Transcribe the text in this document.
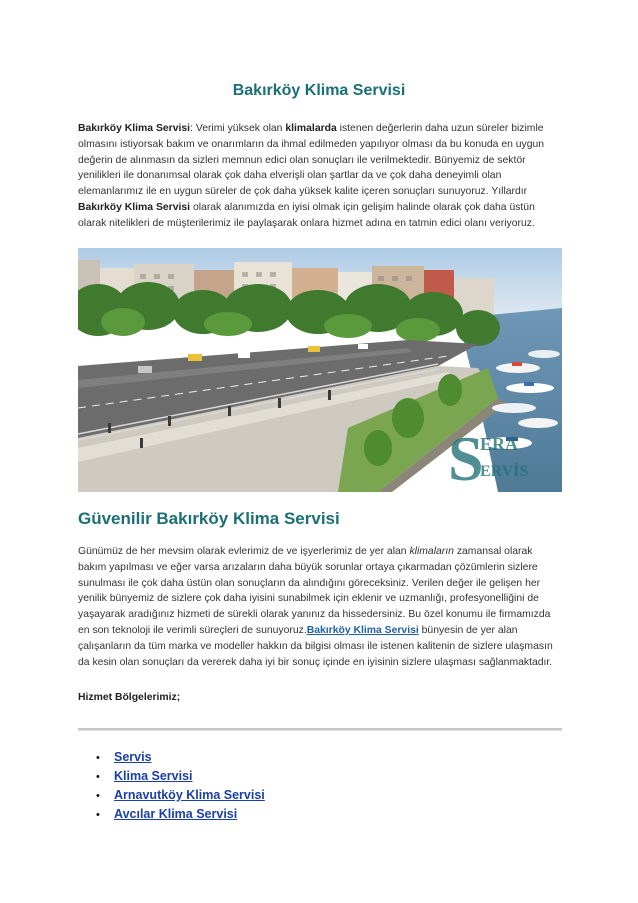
Bakırköy Klima Servisi

Bakırköy Klima Servisi: Verimi yüksek olan klimalarda istenen değerlerin daha uzun süreler bizimle olmasını istiyorsak bakım ve onarımların da ihmal edilmeden yapılıyor olması da bu konuda en uygun değerin de alınmasın da sizleri memnun edici olan sonuçları ile verilmektedir. Bünyemiz de sektör yenilikleri ile donanımsal olarak çok daha elverişli olan şartlar da ve çok daha deneyimli olan elemanlarımız ile en uygun süreler de çok daha yüksek kalite içeren sonuçları sunuyoruz. Yıllardır Bakırköy Klima Servisi olarak alanımızda en iyisi olmak için gelişim halinde olarak çok daha üstün olarak nitelikleri de müşterilerimiz ile paylaşarak onlara hizmet adına en tatmin edici olanı veriyoruz.

S
ERA
ERVİS
Güvenilir Bakırköy Klima Servisi

Günümüz de her mevsim olarak evlerimiz de ve işyerlerimiz de yer alan klimaların zamansal olarak bakım yapılması ve eğer varsa arızaların daha büyük sorunlar ortaya çıkarmadan çözümlerin sizlere sunulması ile çok daha üstün olan sonuçların da alındığını göreceksiniz. Verilen değer ile gelişen her yenilik bünyemiz de sizlere çok daha iyisini sunabilmek için eklenir ve uzmanlığı, profesyonelliğini de yaşayarak aradığınız hizmeti de sürekli olarak yanınız da hissedersiniz. Bu özel konumu ile firmamızda en son teknoloji ile verimli süreçleri de sunuyoruz.Bakırköy Klima Servisi bünyesin de yer alan çalışanların da tüm marka ve modeller hakkın da bilgisi olması ile istenen kalitenin de sizlere ulaşmasın da kesin olan sonuçları da vererek daha iyi bir sonuç içinde en iyisinin sizlere ulaşması sağlanmaktadır.

Hizmet Bölgelerimiz;

• Servis
• Klima Servisi
• Arnavutköy Klima Servisi
• Avcılar Klima Servisi
